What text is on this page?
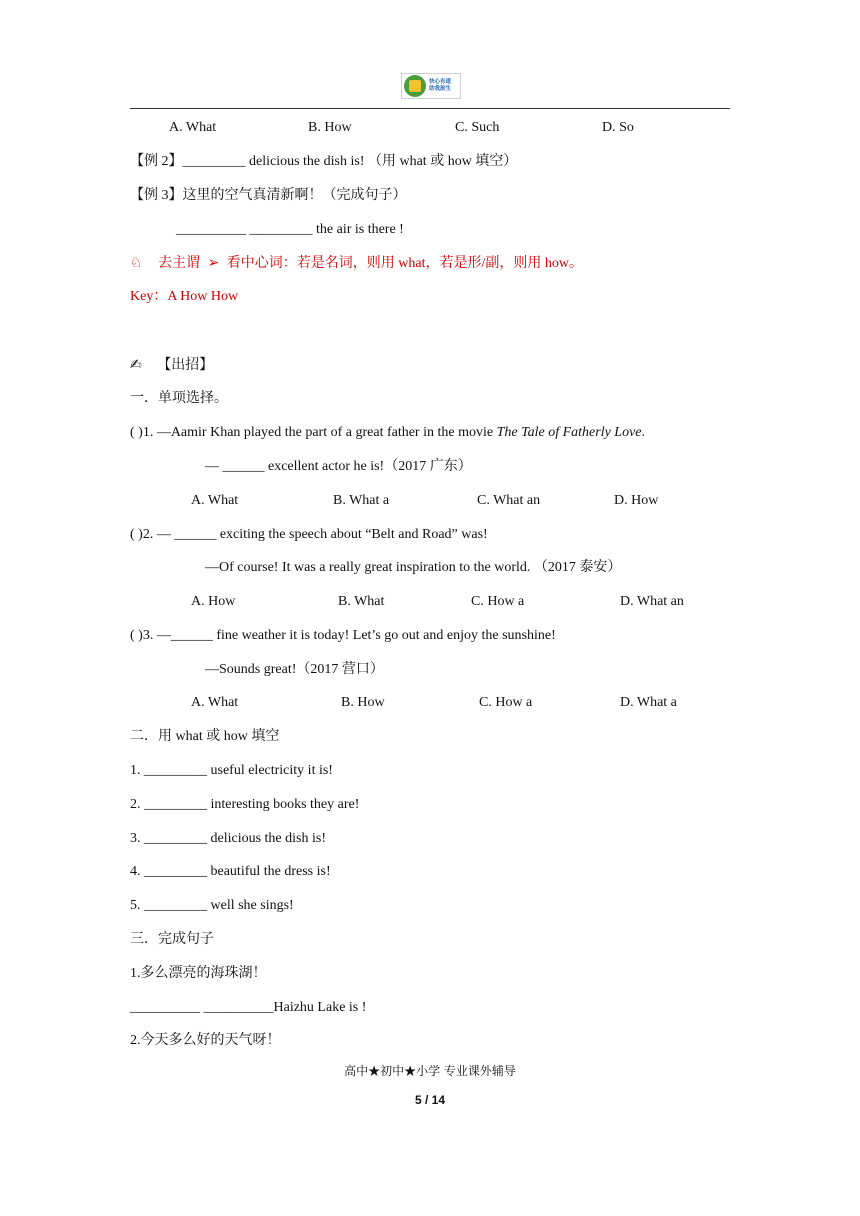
快心有道
助我旅生
A. What	B. How	C. Such	D. So
【例 2】_________ delicious the dish is! （用 what 或 how 填空）
【例 3】这里的空气真清新啊！（完成句子）
__________ _________ the air is there !
♘ 去主谓 ➢ 看中心词：若是名词，则用 what，若是形/副，则用 how。
Key：A How How
✍ 【出招】
一．单项选择。
( )1. —Aamir Khan played the part of a great father in the movie The Tale of Fatherly Love.
— ______ excellent actor he is!（2017 广东）
A. What	B. What a	C. What an	D. How
( )2. — ______ exciting the speech about “Belt and Road” was!
—Of course! It was a really great inspiration to the world. （2017 泰安）
A. How	B. What	C. How a	D. What an
( )3. —______ fine weather it is today! Let’s go out and enjoy the sunshine!
—Sounds great!（2017 营口）
A. What	B. How	C. How a	D. What a
二．用 what 或 how 填空
1. _________ useful electricity it is!
2. _________ interesting books they are!
3. _________ delicious the dish is!
4. _________ beautiful the dress is!
5. _________ well she sings!
三．完成句子
1.多么漂亮的海珠湖！
__________ __________Haizhu Lake is !
2.今天多么好的天气呀！
高中★初中★小学 专业课外辅导
5 / 14
